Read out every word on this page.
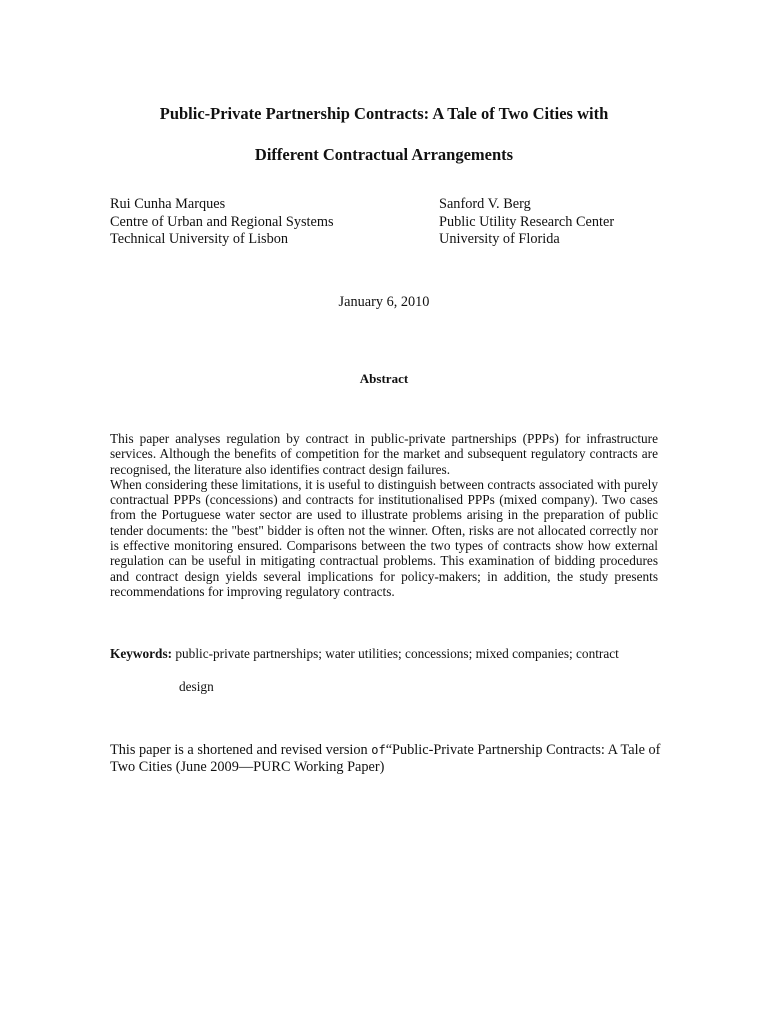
Public-Private Partnership Contracts: A Tale of Two Cities with
Different Contractual Arrangements
Rui Cunha Marques
Centre of Urban and Regional Systems
Technical University of Lisbon
Sanford V. Berg
Public Utility Research Center
University of Florida
January 6, 2010
Abstract

This paper analyses regulation by contract in public-private partnerships (PPPs) for infrastructure services. Although the benefits of competition for the market and subsequent regulatory contracts are recognised, the literature also identifies contract design failures.

When considering these limitations, it is useful to distinguish between contracts associated with purely contractual PPPs (concessions) and contracts for institutionalised PPPs (mixed company). Two cases from the Portuguese water sector are used to illustrate problems arising in the preparation of public tender documents: the "best" bidder is often not the winner. Often, risks are not allocated correctly nor is effective monitoring ensured. Comparisons between the two types of contracts show how external regulation can be useful in mitigating contractual problems. This examination of bidding procedures and contract design yields several implications for policy-makers; in addition, the study presents recommendations for improving regulatory contracts.

Keywords: public-private partnerships; water utilities; concessions; mixed companies; contract
design
This paper is a shortened and revised version of“Public-Private Partnership Contracts: A Tale of Two Cities (June 2009—PURC Working Paper)
